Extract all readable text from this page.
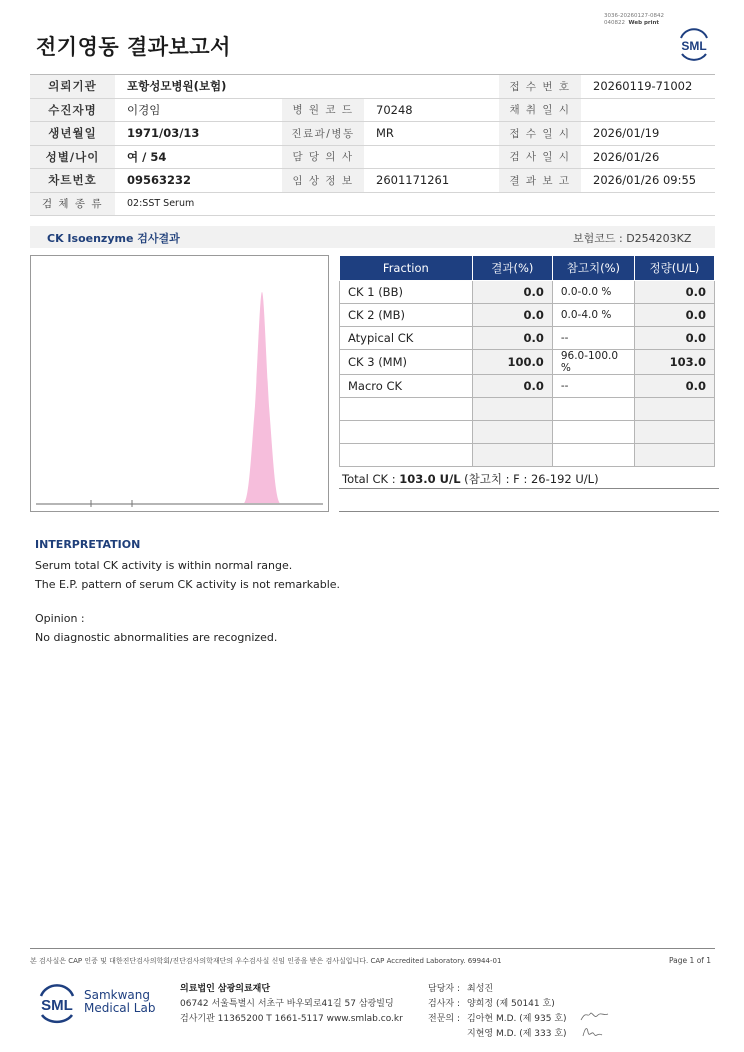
3036-20260127-0842
040822 Web print
전기영동 결과보고서	SML
의뢰기관	포항성모병원(보험)			접 수 번 호	20260119-71002
수진자명	이경임	병 원 코 드	70248	채 취 일 시	
생년월일	1971/03/13	진료과/병동	MR	접 수 일 시	2026/01/19
성별/나이	여 / 54	담 당 의 사		검 사 일 시	2026/01/26
차트번호	09563232	임 상 정 보	2601171261	결 과 보 고	2026/01/26 09:55
검 체 종 류	02:SST Serum				
CK Isoenzyme 검사결과	보험코드 : D254203KZ
Fraction	결과(%)	참고치(%)	정량(U/L)
CK 1 (BB)	0.0	0.0-0.0 %	0.0
CK 2 (MB)	0.0	0.0-4.0 %	0.0
Atypical CK	0.0	--	0.0
CK 3 (MM)	100.0	96.0-100.0 %	103.0
Macro CK	0.0	--	0.0

Total CK : 103.0 U/L (참고치 : F : 26-192 U/L)
INTERPRETATION
Serum total CK activity is within normal range.
The E.P. pattern of serum CK activity is not remarkable.
Opinion :
No diagnostic abnormalities are recognized.
본 검사실은 CAP 인증 및 대한진단검사의학회/진단검사의학재단의 우수검사실 신임 인증을 받은 검사실입니다. CAP Accredited Laboratory. 69944-01	Page 1 of 1
SML
Samkwang
Medical Lab
의료법인 삼광의료재단
06742 서울특별시 서초구 바우뫼로41길 57 삼광빌딩
검사기관 11365200 T 1661-5117 www.smlab.co.kr
담당자 : 최성진
검사자 : 양희정 (제 50141 호)
전문의 : 김아현 M.D. (제 935 호)
지현영 M.D. (제 333 호)
